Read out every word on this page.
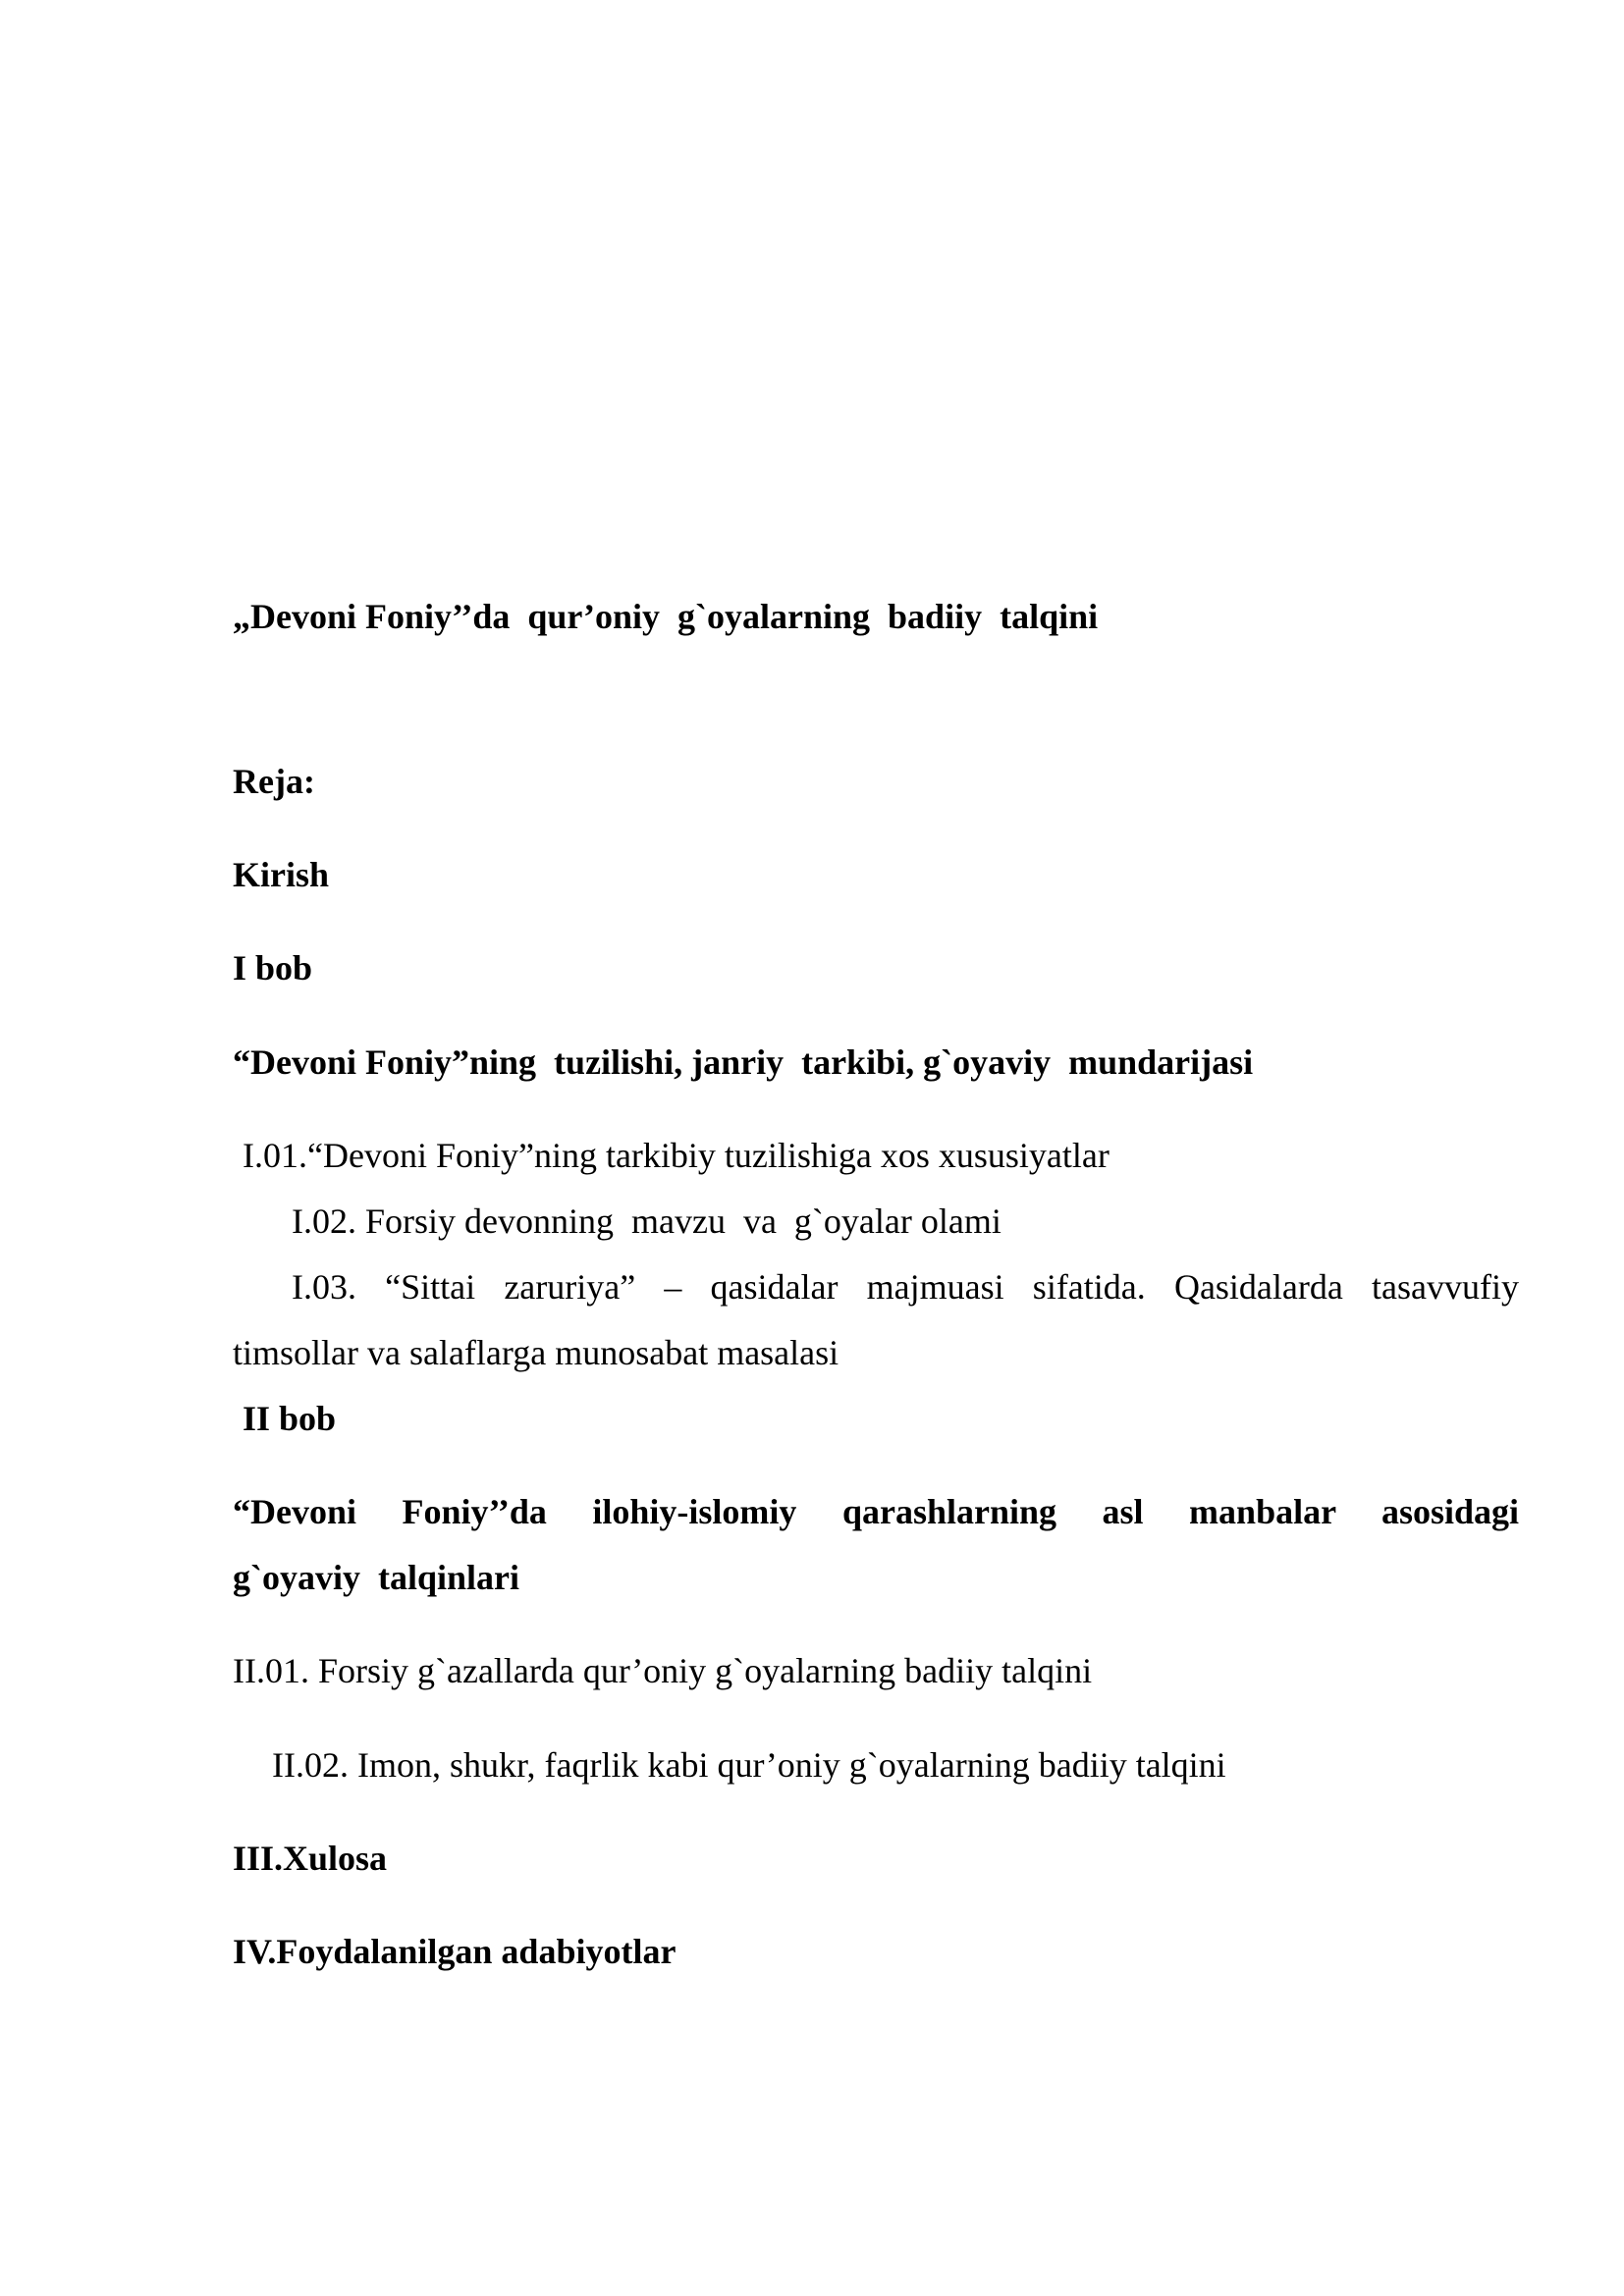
„Devoni Foniy’’da  qur’oniy  g`oyalarning  badiiy  talqini

Reja:

Kirish

I bob

“Devoni Foniy”ning  tuzilishi, janriy  tarkibi, g`oyaviy  mundarijasi

I.01.“Devoni Foniy”ning tarkibiy tuzilishiga xos xususiyatlar

I.02. Forsiy devonning  mavzu  va  g`oyalar olami

I.03. “Sittai zaruriya” – qasidalar majmuasi sifatida. Qasidalarda tasavvufiy

timsollar va salaflarga munosabat masalasi

II bob

“Devoni Foniy’’da ilohiy-islomiy qarashlarning asl manbalar asosidagi

g`oyaviy  talqinlari

II.01. Forsiy g`azallarda qur’oniy g`oyalarning badiiy talqini

II.02. Imon, shukr, faqrlik kabi qur’oniy g`oyalarning badiiy talqini

III.Xulosa

IV.Foydalanilgan adabiyotlar
